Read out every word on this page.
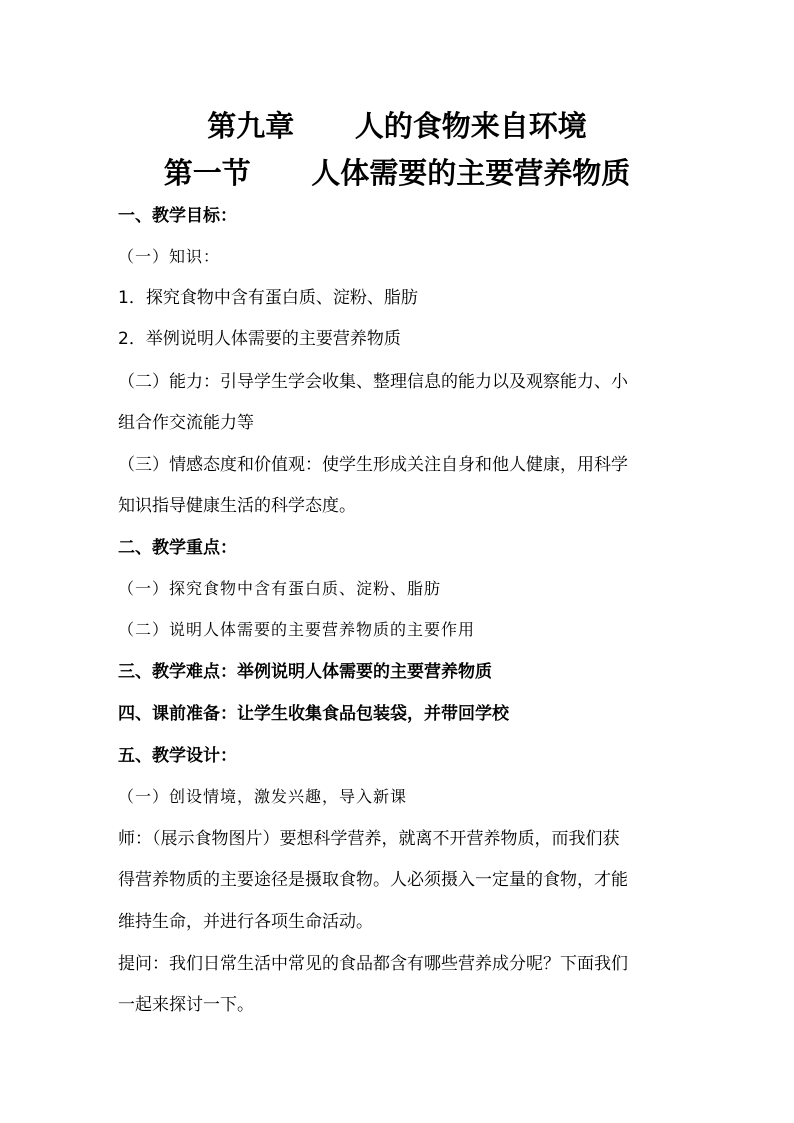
第九章      人的食物来自环境
第一节      人体需要的主要营养物质
一、教学目标：
（一）知识：
1．探究食物中含有蛋白质、淀粉、脂肪
2．举例说明人体需要的主要营养物质
（二）能力：引导学生学会收集、整理信息的能力以及观察能力、小
组合作交流能力等
（三）情感态度和价值观：使学生形成关注自身和他人健康，用科学
知识指导健康生活的科学态度。
二、教学重点：
（一）探究食物中含有蛋白质、淀粉、脂肪
（二）说明人体需要的主要营养物质的主要作用
三、教学难点：举例说明人体需要的主要营养物质
四、课前准备：让学生收集食品包装袋，并带回学校
五、教学设计：
（一）创设情境，激发兴趣，导入新课
师：（展示食物图片）要想科学营养，就离不开营养物质，而我们获
得营养物质的主要途径是摄取食物。人必须摄入一定量的食物，才能
维持生命，并进行各项生命活动。
提问：我们日常生活中常见的食品都含有哪些营养成分呢？下面我们
一起来探讨一下。
